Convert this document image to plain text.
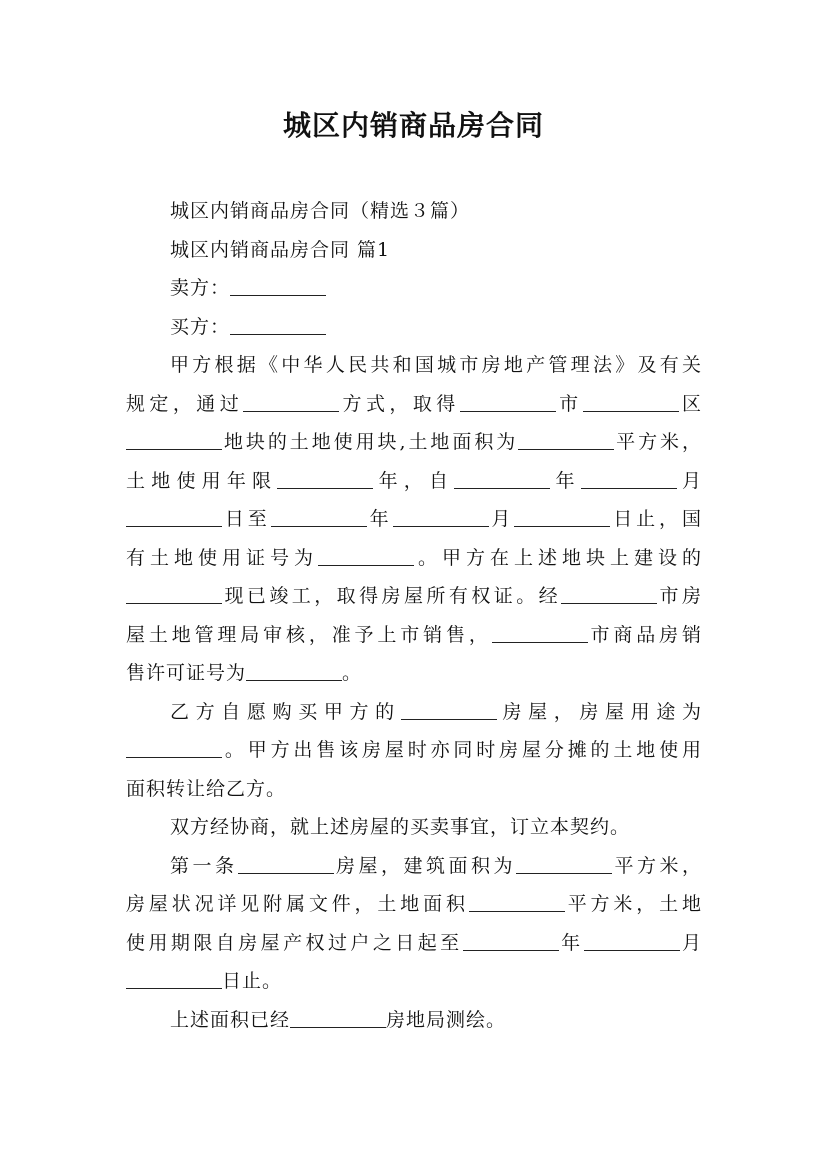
城区内销商品房合同
城区内销商品房合同（精选３篇）
城区内销商品房合同 篇1
卖方：
买方：
甲方根据《中华人民共和国城市房地产管理法》及有关
规定，通过	方式，取得	市	区
地块的土地使用块,土地面积为	平方米，
土地使用年限	年，自	年	月
日至	年	月	日止，国
有土地使用证号为	。甲方在上述地块上建设的
现已竣工，取得房屋所有权证。经	市房
屋土地管理局审核，准予上市销售，	市商品房销
售许可证号为	。
乙方自愿购买甲方的	房屋，房屋用途为
。甲方出售该房屋时亦同时房屋分摊的土地使用
面积转让给乙方。
双方经协商，就上述房屋的买卖事宜，订立本契约。
第一条	房屋，建筑面积为	平方米，
房屋状况详见附属文件，土地面积	平方米，土地
使用期限自房屋产权过户之日起至	年	月
日止。
上述面积已经	房地局测绘。
